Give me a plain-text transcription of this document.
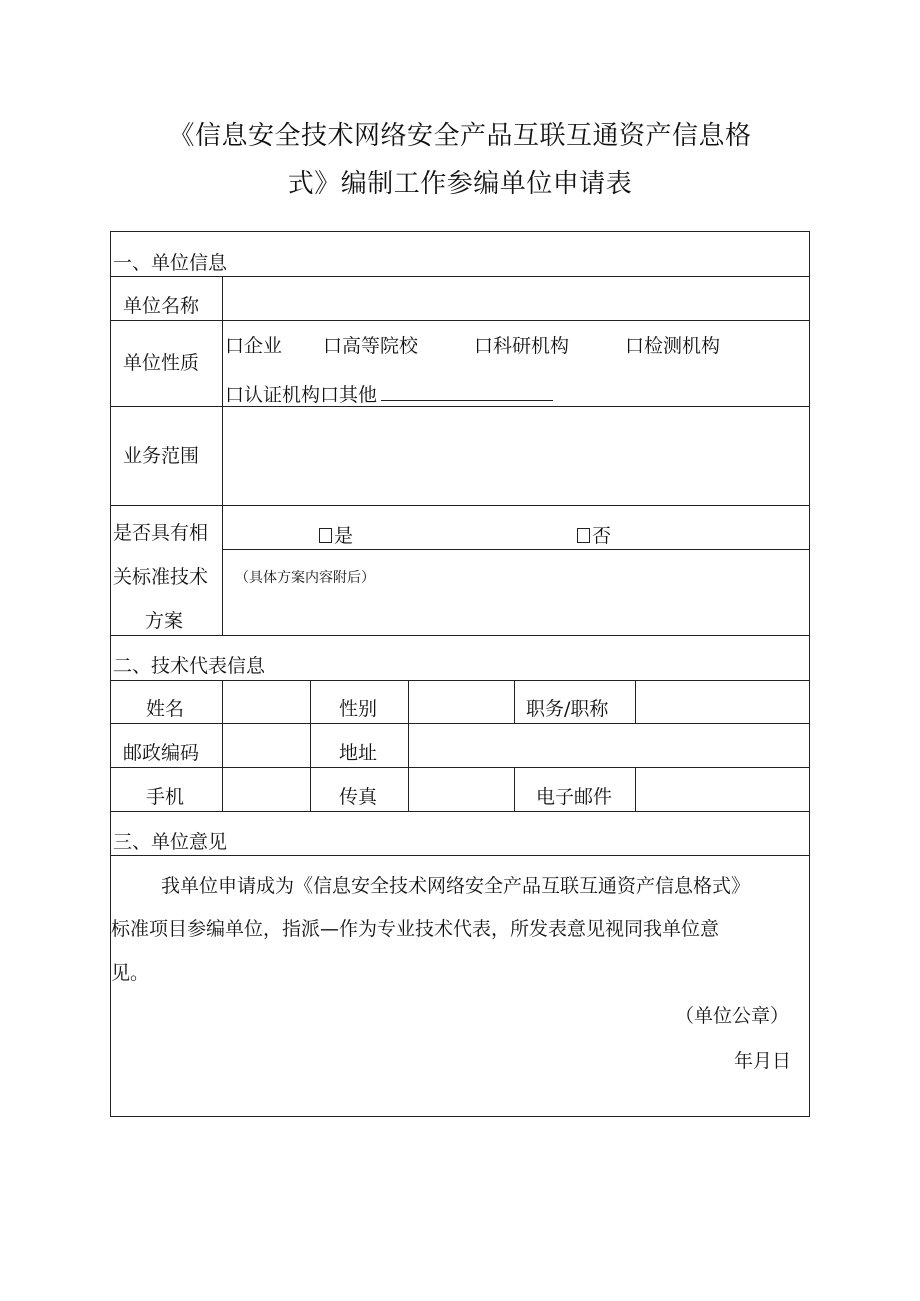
《信息安全技术网络安全产品互联互通资产信息格
式》编制工作参编单位申请表
一、单位信息
单位名称
单位性质
口企业 口高等院校	口科研机构	口检测机构
口认证机构口其他
业务范围
是否具有相
关标准技术
方案
是	否
（具体方案内容附后）
二、技术代表信息
姓名	性别	职务/职称
邮政编码	地址
手机	传真	电子邮件
三、单位意见
我单位申请成为《信息安全技术网络安全产品互联互通资产信息格式》
标准项目参编单位，指派—作为专业技术代表，所发表意见视同我单位意
见。
（单位公章）
年月日
